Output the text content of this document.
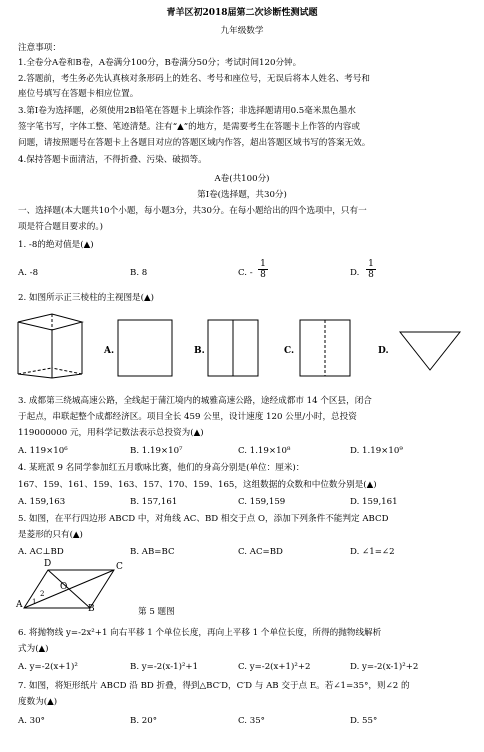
青羊区初2018届第二次诊断性测试题
九年级数学
注意事项：
1.全卷分A卷和B卷，A卷满分100分，B卷满分50分；考试时间120分钟。
2.答题前，考生务必先认真核对条形码上的姓名、考号和座位号，无误后将本人姓名、考号和
座位号填写在答题卡相应位置。
3.第I卷为选择题，必须使用2B铅笔在答题卡上填涂作答；非选择题请用0.5毫米黑色墨水
签字笔书写，字体工整、笔迹清楚。注有“▲”的地方，是需要考生在答题卡上作答的内容或
问题，请按照题号在答题卡上各题目对应的答题区域内作答，超出答题区域书写的答案无效。
4.保持答题卡面清洁，不得折叠、污染、破损等。
A卷(共100分)
第I卷(选择题，共30分)
一、选择题(本大题共10个小题，每小题3分，共30分。在每小题给出的四个选项中，只有一
项是符合题目要求的。)
1. -8的绝对值是(▲)
A. -8	B. 8	C. - $\frac{1}{8}$	D. $\frac{1}{8}$
2. 如图所示正三棱柱的主视图是(▲)
A.	B.	C.	D.
3. 成都第三绕城高速公路，全线起于蒲江境内的城雅高速公路，途经成都市 14 个区县，闭合
于起点，串联起整个成都经济区。项目全长 459 公里，设计速度 120 公里/小时，总投资
119000000 元，用科学记数法表示总投资为(▲)
A. 119×10⁶	B. 1.19×10⁷	C. 1.19×10⁸	D. 1.19×10⁹
4. 某班派 9 名同学参加红五月歌咏比赛，他们的身高分别是(单位：厘米)：
167、159、161、159、163、157、170、159、165，这组数据的众数和中位数分别是(▲)
A. 159,163	B. 157,161	C. 159,159	D. 159,161
5. 如图，在平行四边形 ABCD 中，对角线 AC、BD 相交于点 O，添加下列条件不能判定 ABCD
是菱形的只有(▲)
A. AC⊥BD	B. AB=BC	C. AC=BD	D. ∠1=∠2
A	B
C
D
O
1
2
第 5 题图
6. 将抛物线 y=-2x²+1 向右平移 1 个单位长度，再向上平移 1 个单位长度，所得的抛物线解析
式为(▲)
A. y=-2(x+1)²	B. y=-2(x-1)²+1	C. y=-2(x+1)²+2	D. y=-2(x-1)²+2
7. 如图，将矩形纸片 ABCD 沿 BD 折叠，得到△BC′D，C′D 与 AB 交于点 E。若∠1=35°，则∠2 的
度数为(▲)
A. 30°	B. 20°	C. 35°	D. 55°
